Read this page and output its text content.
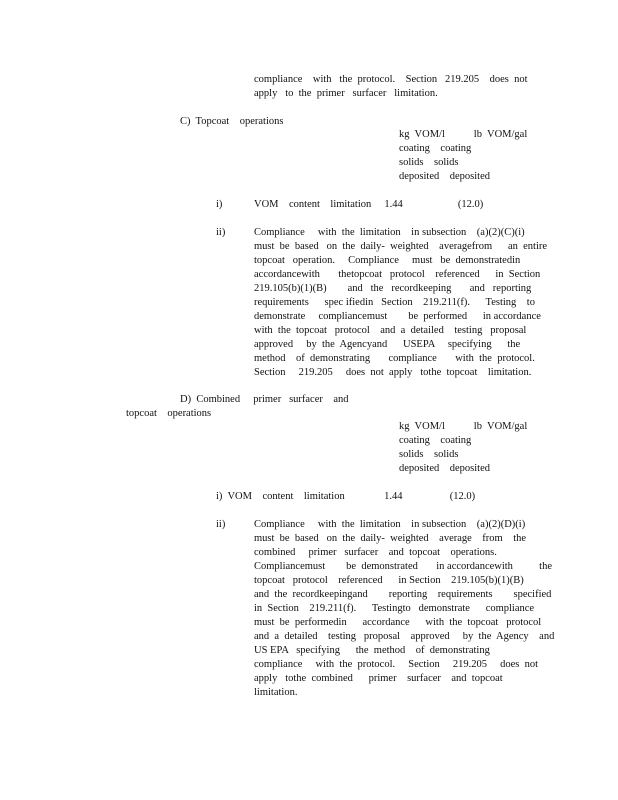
compliance    with   the  protocol.    Section   219.205    does  not
apply   to  the  primer   surfacer   limitation.
C)  Topcoat    operations
kg  VOM/l           lb  VOM/gal
coating    coating
solids    solids
deposited    deposited
i)	VOM    content    limitation     1.44                     (12.0)
ii)	Compliance     with  the  limitation    in subsection    (a)(2)(C)(i)
must  be  based   on  the  daily-  weighted    averagefrom      an  entire
topcoat   operation.     Compliance     must   be  demonstratedin
accordancewith       thetopcoat   protocol    referenced      in  Section
219.105(b)(1)(B)        and   the   recordkeeping       and   reporting
requirements      spec ifiedin   Section    219.211(f).      Testing    to
demonstrate     compliancemust        be  performed      in accordance
with  the  topcoat   protocol    and  a  detailed    testing   proposal
approved     by  the  Agencyand      USEPA     specifying      the
method    of  demonstrating       compliance       with  the  protocol.
Section     219.205     does  not  apply   tothe  topcoat    limitation.
D)  Combined     primer   surfacer    and
topcoat    operations
kg  VOM/l           lb  VOM/gal
coating    coating
solids    solids
deposited    deposited
i)  VOM    content    limitation               1.44                  (12.0)
ii)	Compliance     with  the  limitation    in subsection    (a)(2)(D)(i)
must  be  based   on  the  daily-  weighted    average    from    the
combined     primer   surfacer    and  topcoat    operations.
Compliancemust        be  demonstrated       in accordancewith          the
topcoat   protocol    referenced      in Section    219.105(b)(1)(B)
and  the  recordkeepingand        reporting    requirements        specified
in  Section    219.211(f).      Testingto   demonstrate      compliance
must  be  performedin      accordance      with  the  topcoat   protocol
and  a  detailed    testing   proposal    approved     by  the  Agency    and
US EPA   specifying      the  method    of  demonstrating
compliance     with  the  protocol.     Section     219.205     does  not
apply   tothe  combined      primer    surfacer    and  topcoat
limitation.
